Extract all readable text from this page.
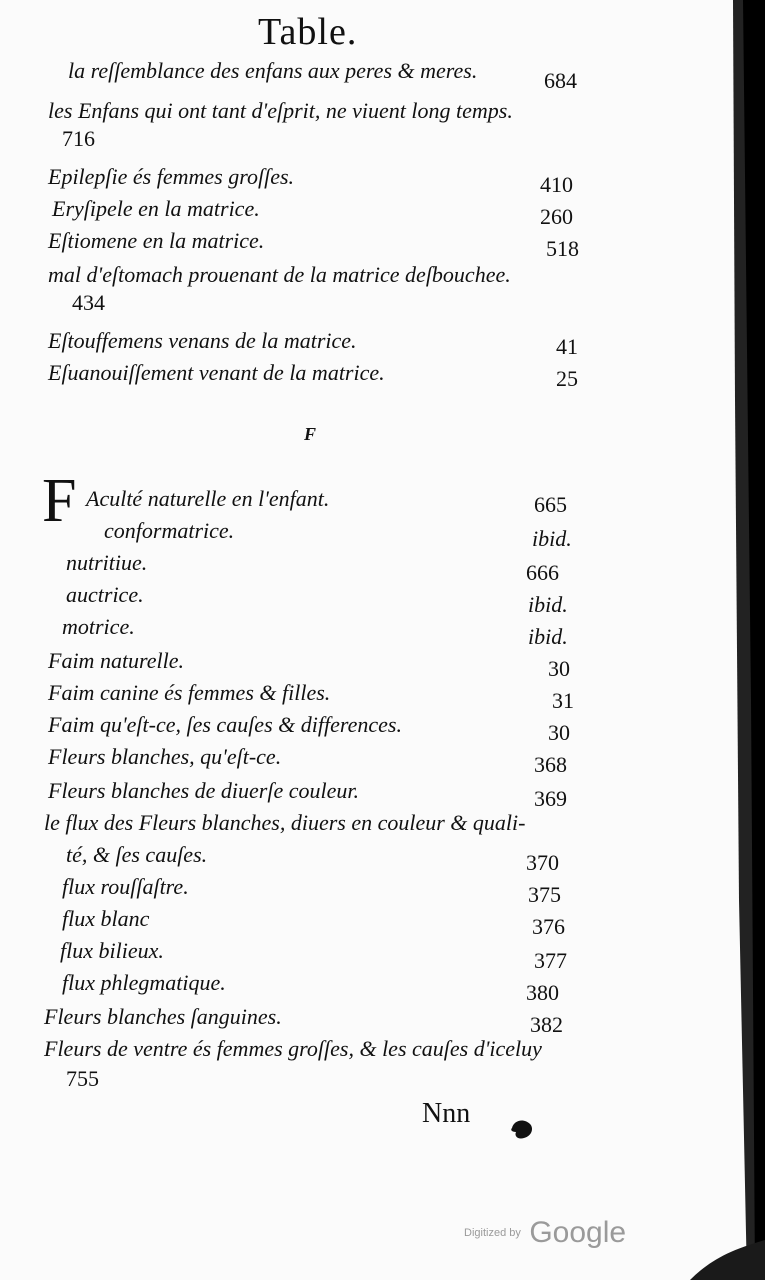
Table.
la reſſemblance des enfans aux peres & meres.	684
les Enfans qui ont tant d'eſprit, ne viuent long temps.
716
Epilepſie és femmes groſſes.	410
Eryſipele en la matrice.	260
Eſtiomene en la matrice.	518
mal d'eſtomach prouenant de la matrice deſbouchee.
434
Eſtouffemens venans de la matrice.	41
Eſuanouiſſement venant de la matrice.	25
F
F Aculté naturelle en l'enfant.	665
conformatrice.	ibid.
nutritiue.	666
auctrice.	ibid.
motrice.	ibid.
Faim naturelle.	30
Faim canine és femmes & filles.	31
Faim qu'eſt-ce, ſes cauſes & differences.	30
Fleurs blanches, qu'eſt-ce.	368
Fleurs blanches de diuerſe couleur.	369
le flux des Fleurs blanches, diuers en couleur & quali-
té, & ſes cauſes.	370
flux rouſſaſtre.	375
flux blanc	376
flux bilieux.	377
flux phlegmatique.	380
Fleurs blanches ſanguines.	382
Fleurs de ventre és femmes groſſes, & les cauſes d'iceluy
755
Nnn
Digitized by Google
